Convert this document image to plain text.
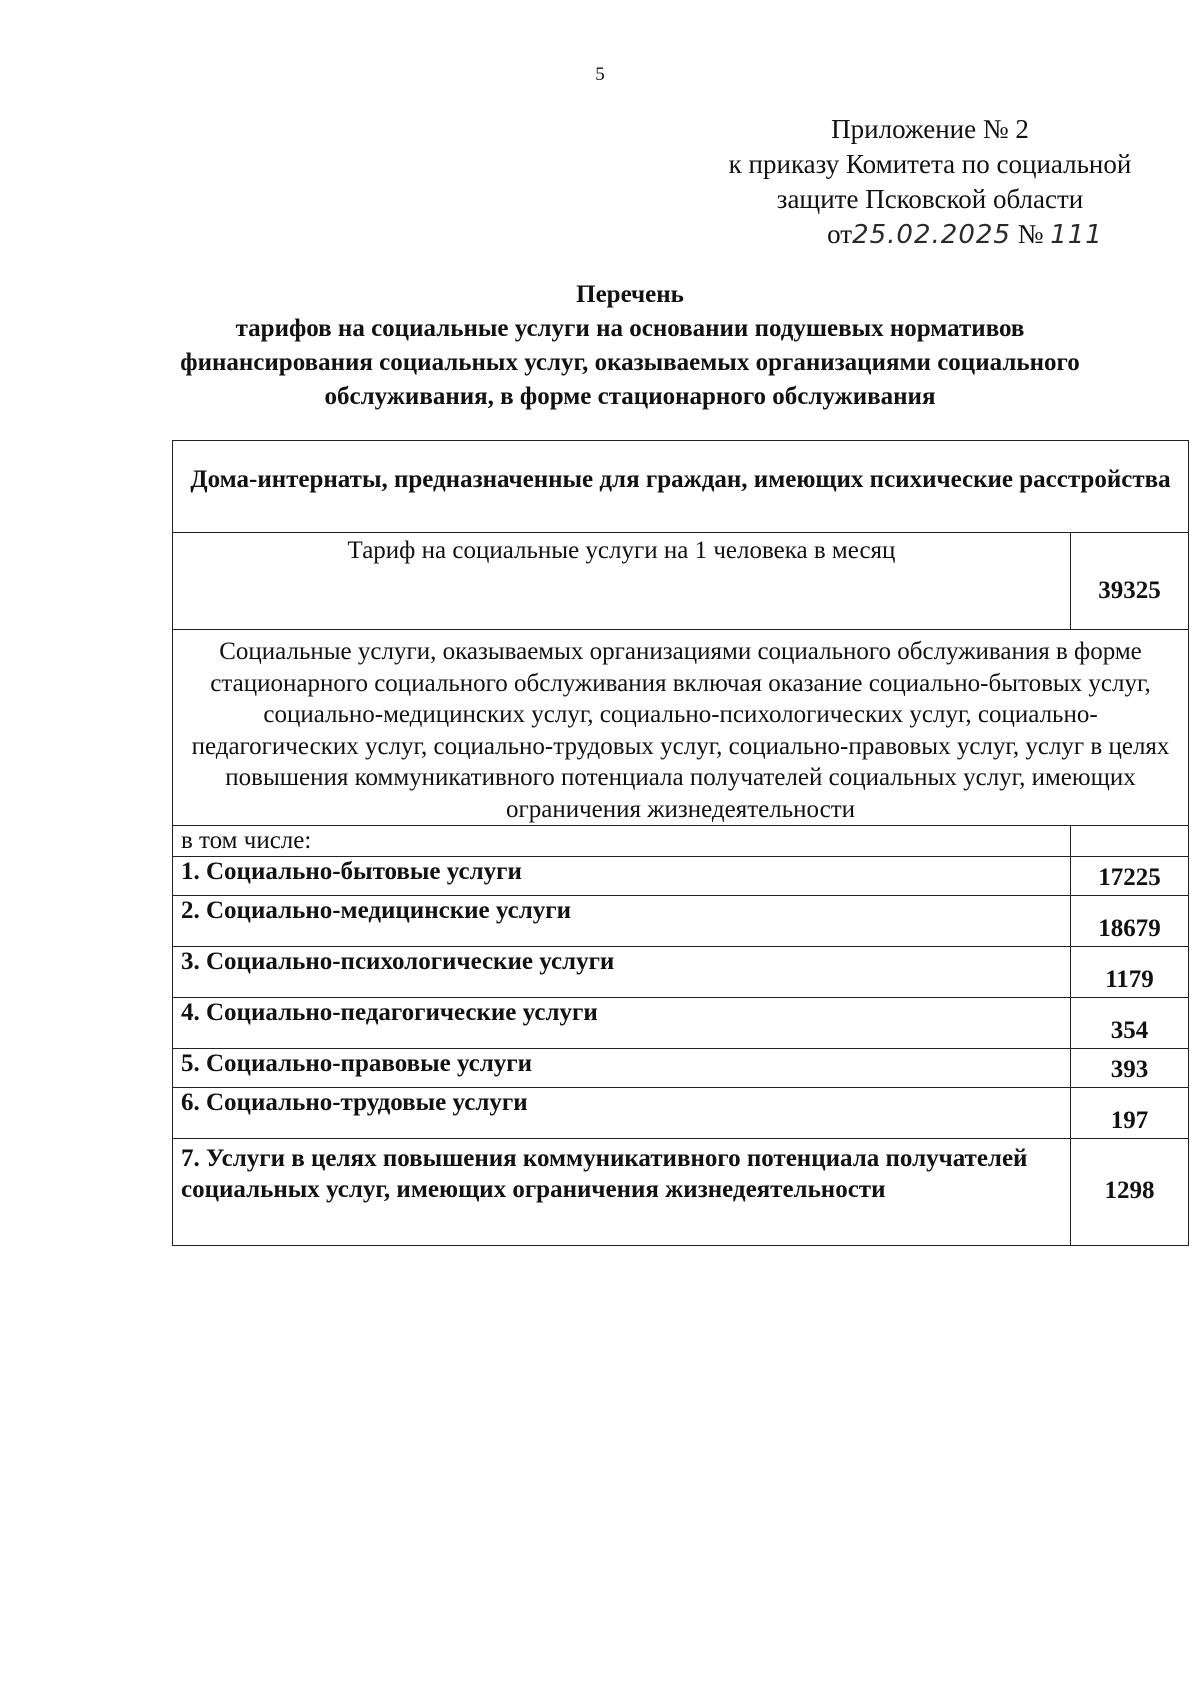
5
Приложение № 2
к приказу Комитета по социальной
защите Псковской области
от25.02.2025 № 111
Перечень
тарифов на социальные услуги на основании подушевых нормативов финансирования социальных услуг, оказываемых организациями социального обслуживания, в форме стационарного обслуживания
Дома-интернаты, предназначенные для граждан, имеющих психические расстройства	
Тариф на социальные услуги на 1 человека в месяц	39325
Социальные услуги, оказываемых организациями социального обслуживания в форме стационарного социального обслуживания включая оказание социально-бытовых услуг, социально-медицинских услуг, социально-психологических услуг, социально-педагогических услуг, социально-трудовых услуг, социально-правовых услуг, услуг в целях повышения коммуникативного потенциала получателей социальных услуг, имеющих ограничения жизнедеятельности	
в том числе:	
1. Социально-бытовые услуги	17225
2. Социально-медицинские услуги	18679
3. Социально-психологические услуги	1179
4. Социально-педагогические услуги	354
5. Социально-правовые услуги	393
6. Социально-трудовые услуги	197
7. Услуги в целях повышения коммуникативного потенциала получателей социальных услуг, имеющих ограничения жизнедеятельности	1298
